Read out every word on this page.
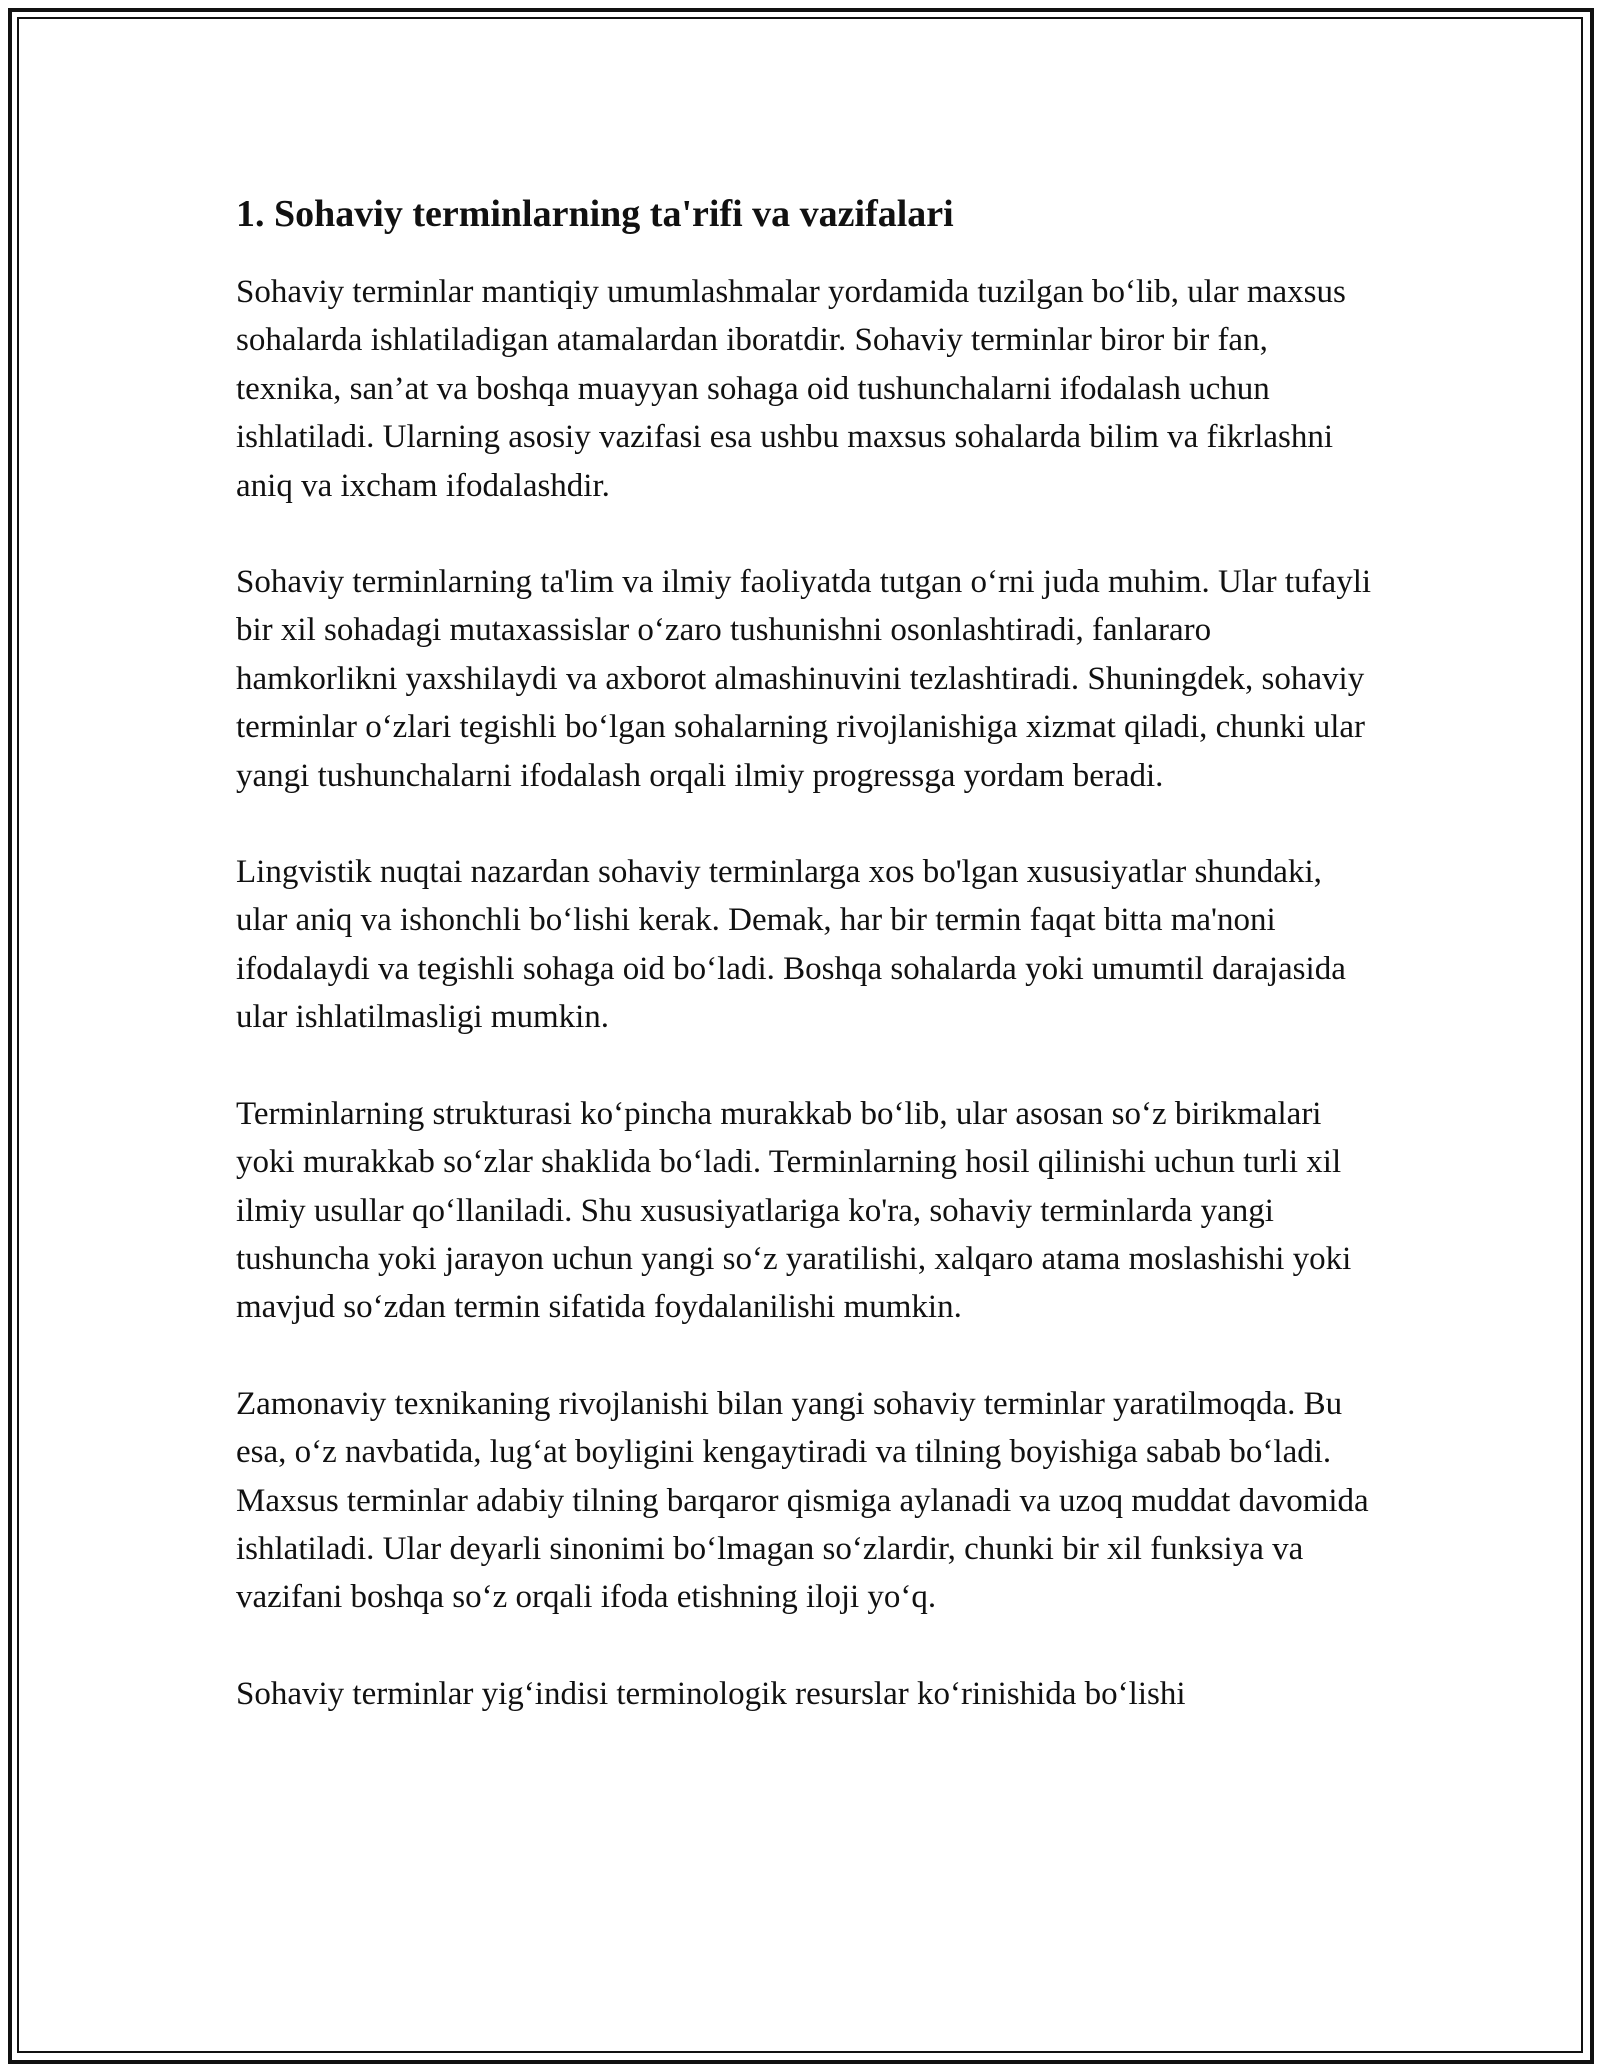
1. Sohaviy terminlarning ta'rifi va vazifalari

Sohaviy terminlar mantiqiy umumlashmalar yordamida tuzilgan bo‘lib, ular maxsus sohalarda ishlatiladigan atamalardan iboratdir. Sohaviy terminlar biror bir fan, texnika, san’at va boshqa muayyan sohaga oid tushunchalarni ifodalash uchun ishlatiladi. Ularning asosiy vazifasi esa ushbu maxsus sohalarda bilim va fikrlashni aniq va ixcham ifodalashdir.

Sohaviy terminlarning ta'lim va ilmiy faoliyatda tutgan o‘rni juda muhim. Ular tufayli bir xil sohadagi mutaxassislar o‘zaro tushunishni osonlashtiradi, fanlararo hamkorlikni yaxshilaydi va axborot almashinuvini tezlashtiradi. Shuningdek, sohaviy terminlar o‘zlari tegishli bo‘lgan sohalarning rivojlanishiga xizmat qiladi, chunki ular yangi tushunchalarni ifodalash orqali ilmiy progressga yordam beradi.

Lingvistik nuqtai nazardan sohaviy terminlarga xos bo'lgan xususiyatlar shundaki, ular aniq va ishonchli bo‘lishi kerak. Demak, har bir termin faqat bitta ma'noni ifodalaydi va tegishli sohaga oid bo‘ladi. Boshqa sohalarda yoki umumtil darajasida ular ishlatilmasligi mumkin.

Terminlarning strukturasi ko‘pincha murakkab bo‘lib, ular asosan so‘z birikmalari yoki murakkab so‘zlar shaklida bo‘ladi. Terminlarning hosil qilinishi uchun turli xil ilmiy usullar qo‘llaniladi. Shu xususiyatlariga ko'ra, sohaviy terminlarda yangi tushuncha yoki jarayon uchun yangi so‘z yaratilishi, xalqaro atama moslashishi yoki mavjud so‘zdan termin sifatida foydalanilishi mumkin.

Zamonaviy texnikaning rivojlanishi bilan yangi sohaviy terminlar yaratilmoqda. Bu esa, o‘z navbatida, lug‘at boyligini kengaytiradi va tilning boyishiga sabab bo‘ladi. Maxsus terminlar adabiy tilning barqaror qismiga aylanadi va uzoq muddat davomida ishlatiladi. Ular deyarli sinonimi bo‘lmagan so‘zlardir, chunki bir xil funksiya va vazifani boshqa so‘z orqali ifoda etishning iloji yo‘q.

Sohaviy terminlar yig‘indisi terminologik resurslar ko‘rinishida bo‘lishi
